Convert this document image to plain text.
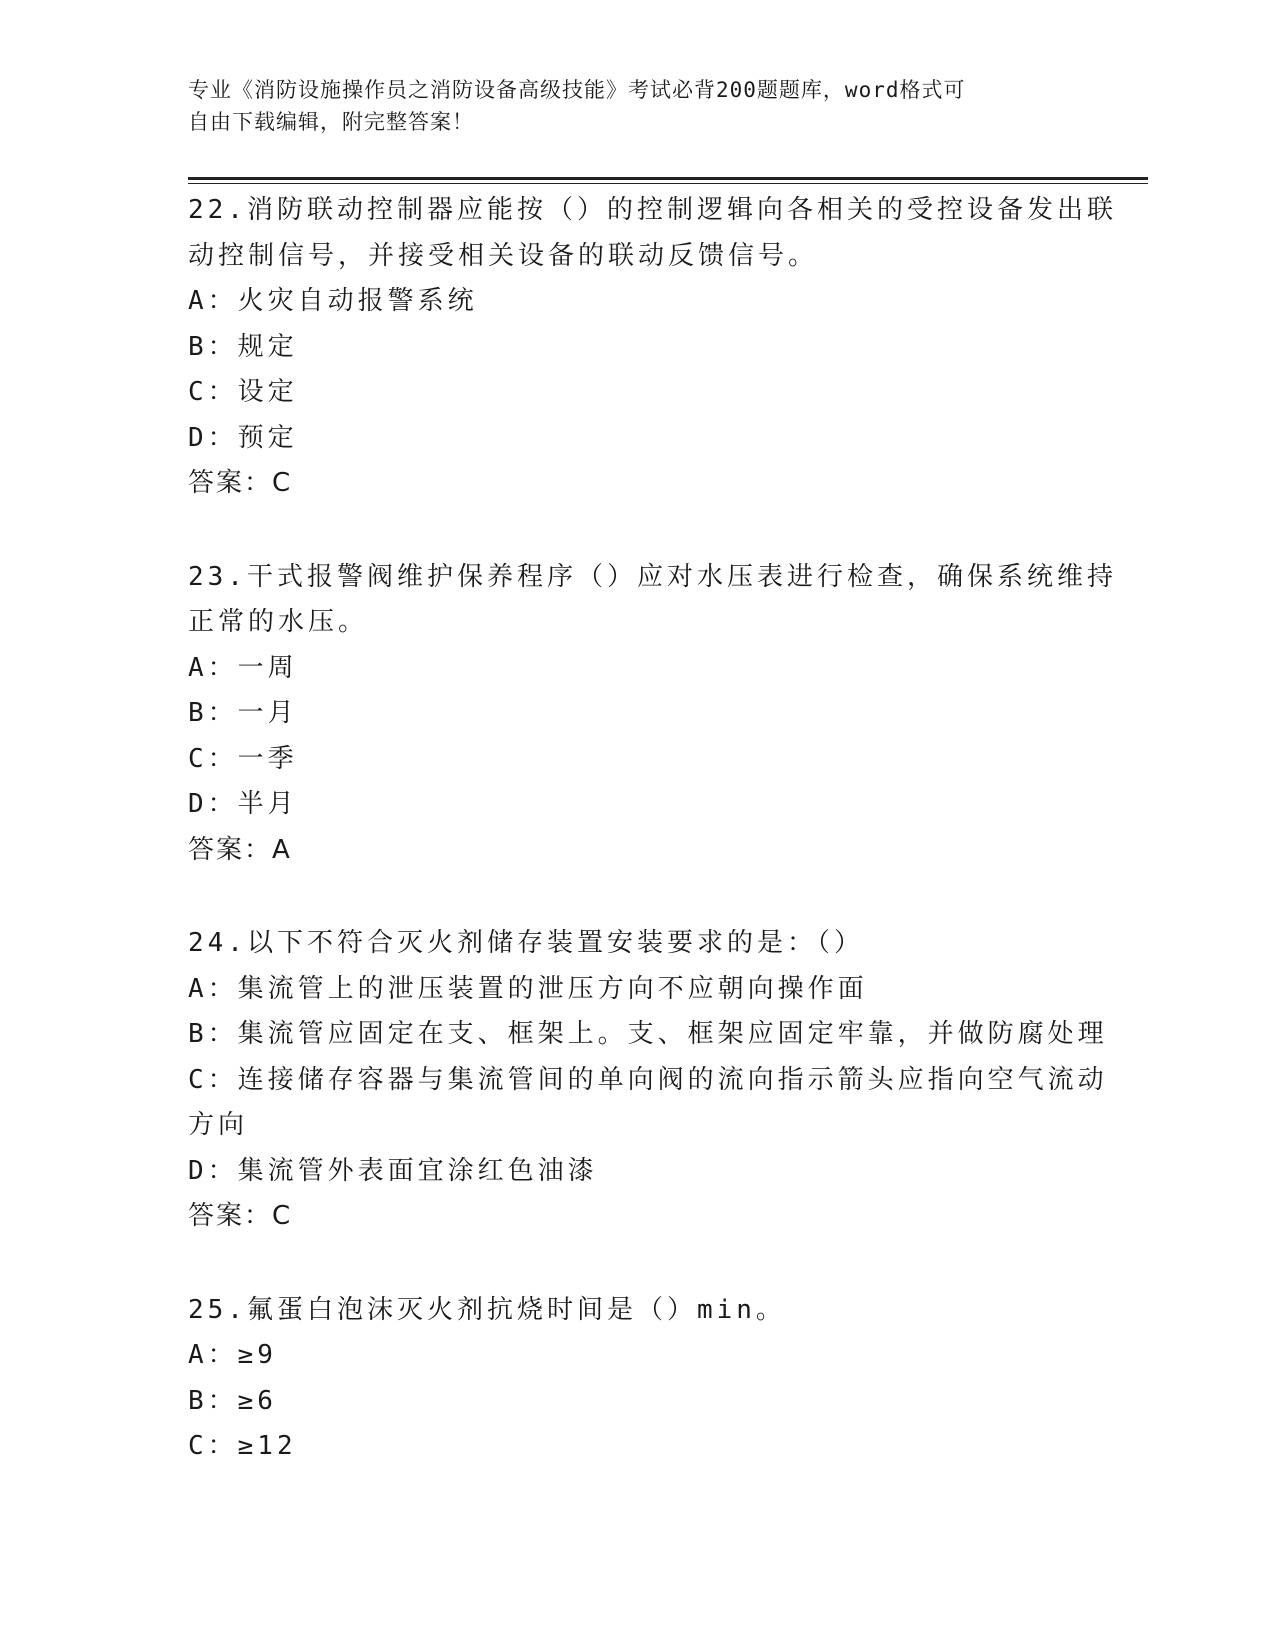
专业《消防设施操作员之消防设备高级技能》考试必背200题题库，word格式可
自由下载编辑，附完整答案！
22.消防联动控制器应能按（）的控制逻辑向各相关的受控设备发出联
动控制信号，并接受相关设备的联动反馈信号。
A：火灾自动报警系统
B：规定
C：设定
D：预定
答案：C
23.干式报警阀维护保养程序（）应对水压表进行检查，确保系统维持
正常的水压。
A：一周
B：一月
C：一季
D：半月
答案：A
24.以下不符合灭火剂储存装置安装要求的是：（）
A：集流管上的泄压装置的泄压方向不应朝向操作面
B：集流管应固定在支、框架上。支、框架应固定牢靠，并做防腐处理
C：连接储存容器与集流管间的单向阀的流向指示箭头应指向空气流动
方向
D：集流管外表面宜涂红色油漆
答案：C
25.氟蛋白泡沫灭火剂抗烧时间是（）min。
A：≥9
B：≥6
C：≥12
